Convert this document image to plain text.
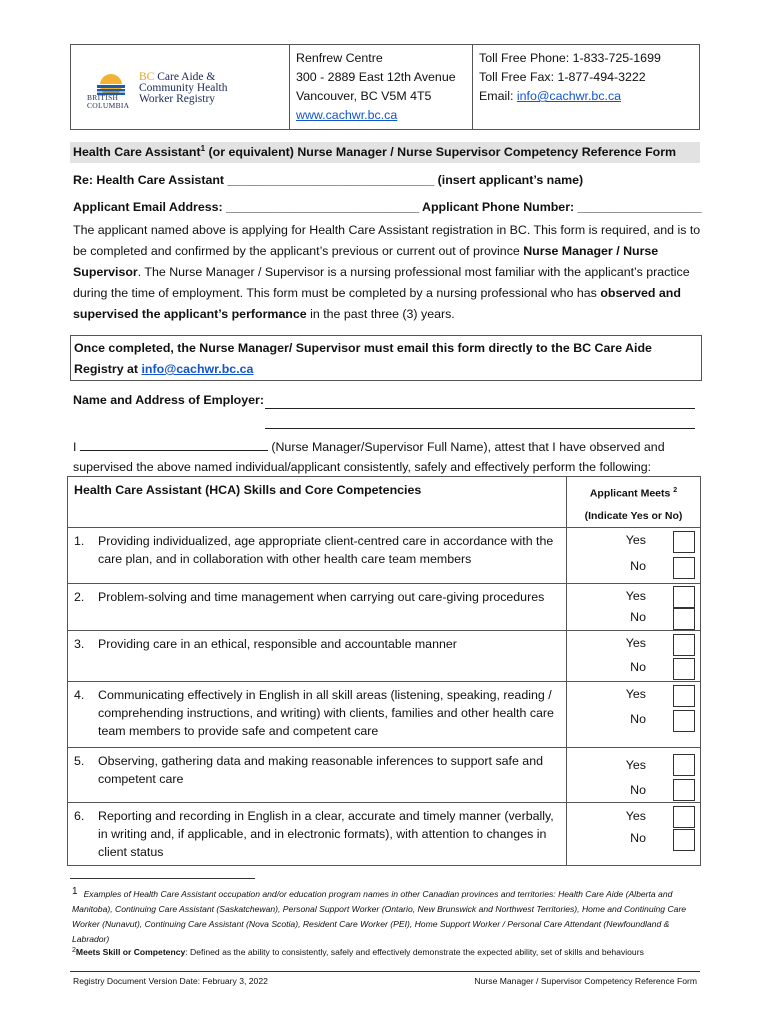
BRITISH
COLUMBIA
BC Care Aide &
Community Health
Worker Registry
Renfrew Centre
300 - 2889 East 12th Avenue
Vancouver, BC V5M 4T5
www.cachwr.bc.ca
Toll Free Phone: 1-833-725-1699
Toll Free Fax: 1-877-494-3222
Email: info@cachwr.bc.ca
Health Care Assistant$^1$ (or equivalent) Nurse Manager / Nurse Supervisor Competency Reference Form
Re: Health Care Assistant ______________________________ (insert applicant’s name)
Applicant Email Address: ____________________________ Applicant Phone Number: __________________
The applicant named above is applying for Health Care Assistant registration in BC. This form is required, and is to be completed and confirmed by the applicant’s previous or current out of province Nurse Manager / Nurse Supervisor. The Nurse Manager / Supervisor is a nursing professional most familiar with the applicant’s practice during the time of employment. This form must be completed by a nursing professional who has observed and supervised the applicant’s performance in the past three (3) years.
Once completed, the Nurse Manager/ Supervisor must email this form directly to the BC Care Aide Registry at info@cachwr.bc.ca
Name and Address of Employer:
I	(Nurse Manager/Supervisor Full Name), attest that I have observed and supervised the above named individual/applicant consistently, safely and effectively perform the following:
Health Care Assistant (HCA) Skills and Core Competencies	Applicant Meets $^2$
(Indicate Yes or No)

1. Providing individualized, age appropriate client-centred care in accordance with the care plan, and in collaboration with other health care team members	Yes
No

2. Problem-solving and time management when carrying out care-giving procedures	Yes
No

3. Providing care in an ethical, responsible and accountable manner	Yes
No

4. Communicating effectively in English in all skill areas (listening, speaking, reading / comprehending instructions, and writing) with clients, families and other health care team members to provide safe and competent care	Yes
No

5. Observing, gathering data and making reasonable inferences to support safe and competent care	Yes
No

6. Reporting and recording in English in a clear, accurate and timely manner (verbally, in writing and, if applicable, and in electronic formats), with attention to changes in client status	Yes
No
1 Examples of Health Care Assistant occupation and/or education program names in other Canadian provinces and territories: Health Care Aide (Alberta and Manitoba), Continuing Care Assistant (Saskatchewan), Personal Support Worker (Ontario, New Brunswick and Northwest Territories), Home and Continuing Care Worker (Nunavut), Continuing Care Assistant (Nova Scotia), Resident Care Worker (PEI), Home Support Worker / Personal Care Attendant (Newfoundland & Labrador)
$^2$Meets Skill or Competency: Defined as the ability to consistently, safely and effectively demonstrate the expected ability, set of skills and behaviours
Registry Document Version Date: February 3, 2022	Nurse Manager / Supervisor Competency Reference Form
